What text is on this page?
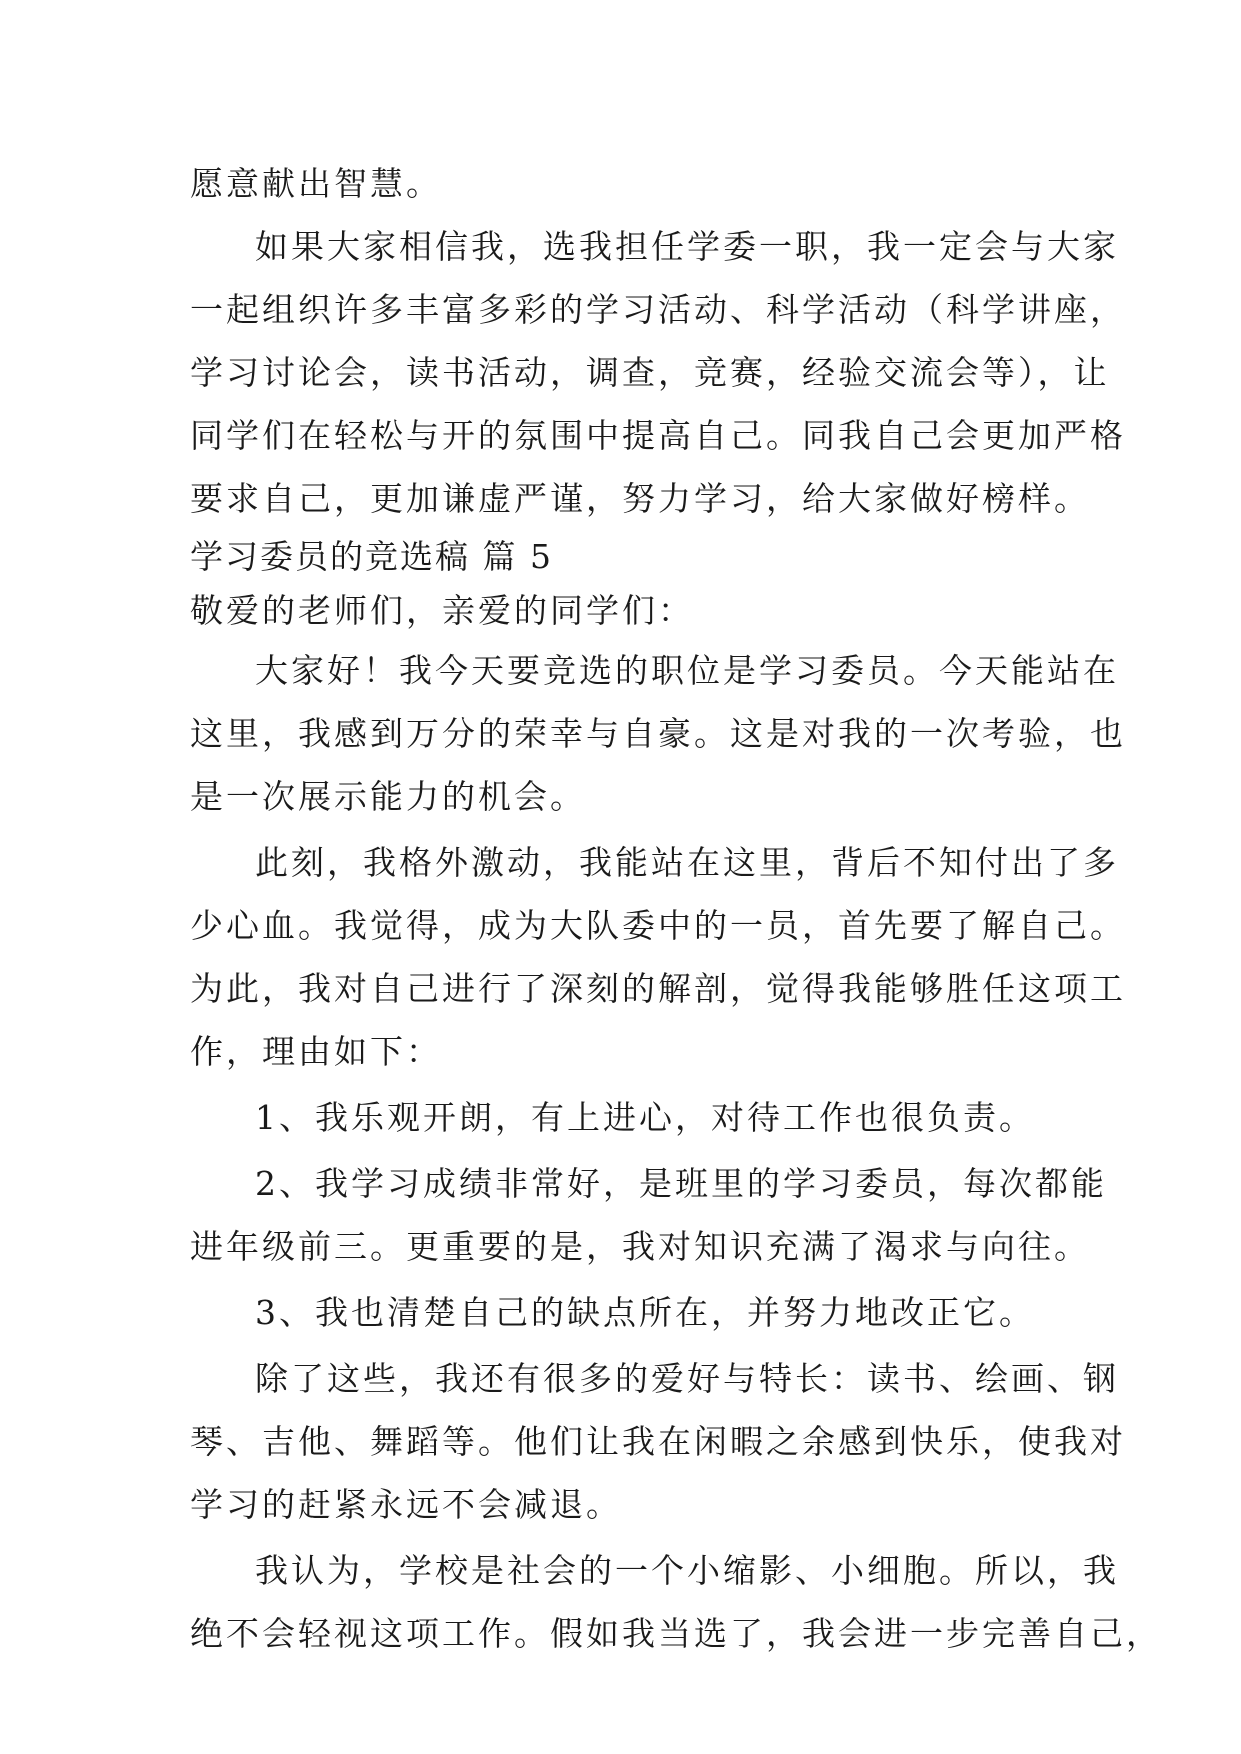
愿意献出智慧。
如果大家相信我，选我担任学委一职，我一定会与大家
一起组织许多丰富多彩的学习活动、科学活动（科学讲座，
学习讨论会，读书活动，调查，竞赛，经验交流会等），让
同学们在轻松与开的氛围中提高自己。同我自己会更加严格
要求自己，更加谦虚严谨，努力学习，给大家做好榜样。
学习委员的竞选稿 篇 5
敬爱的老师们，亲爱的同学们：
大家好！我今天要竞选的职位是学习委员。今天能站在
这里，我感到万分的荣幸与自豪。这是对我的一次考验，也
是一次展示能力的机会。
此刻，我格外激动，我能站在这里，背后不知付出了多
少心血。我觉得，成为大队委中的一员，首先要了解自己。
为此，我对自己进行了深刻的解剖，觉得我能够胜任这项工
作，理由如下：
1、我乐观开朗，有上进心，对待工作也很负责。
2、我学习成绩非常好，是班里的学习委员，每次都能
进年级前三。更重要的是，我对知识充满了渴求与向往。
3、我也清楚自己的缺点所在，并努力地改正它。
除了这些，我还有很多的爱好与特长：读书、绘画、钢
琴、吉他、舞蹈等。他们让我在闲暇之余感到快乐，使我对
学习的赶紧永远不会减退。
我认为，学校是社会的一个小缩影、小细胞。所以，我
绝不会轻视这项工作。假如我当选了，我会进一步完善自己，
